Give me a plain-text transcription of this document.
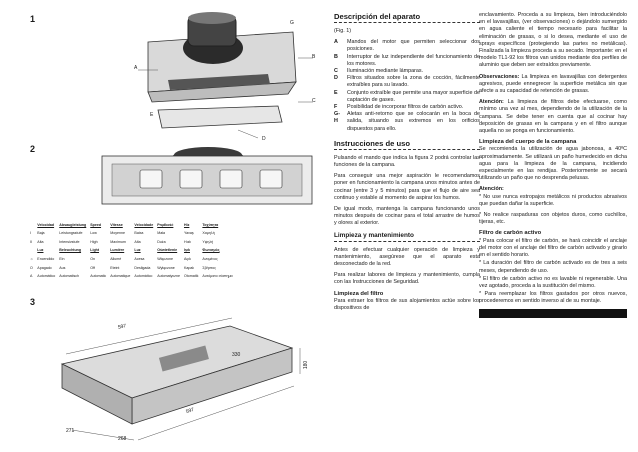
1
2
3
A
B
C
D
E
G
	Velocidad	Absaugleistung	Speed	Vitesse	Velocidade	Prędkość	Hiz	Ταχύτητα
I	Baja	Leistungsstufe	Low	Moyenne	Baixa	Mała	Yavaş	Χαμηλή
II	Alta	Intensivstufe	High	Maximum	Alta	Duża	Hızlı	Υψηλή
	Luz	Beleuchtung	Light	Lumière	Luz	Oświetlenie	Işık	Φωτισμός
☼	Encendido	Ein	On	Allumé	Acesa	Włączone	Açık	Αναμένος
O	Apagado	Aus	Off	Eteint	Desligada	Wyłączone	Kapalı	Σβήστος
A	Automático	Automatisch	Automatic	Automatique	Automático	Automatyczne	Otomatik	Αυτόματο σύστημα
597
597
180
330
271
268
Descripción del aparato

(Fig. 1)

A	Mandos del motor que permiten seleccionar dos posiciones.
B	Interruptor de luz independiente del funcionamiento de los motores.
C	Iluminación mediante lámparas.
D	Filtros situados sobre la zona de cocción, fácilmente extraíbles para su lavado.
E	Conjunto extraíble que permite una mayor superficie de captación de gases.
F	Posibilidad de incorporar filtros de carbón activo.
G-H
Aletas anti-retorno que se colocarán en la boca de salida, situando sus extremos en los orificios dispuestos para ello.
Instrucciones de uso

Pulsando el mando que indica la figura 2 podrá controlar las funciones de la campana.

Para conseguir una mejor aspiración le recomendamos poner en funcionamiento la campana unos minutos antes de cocinar (entre 3 y 5 minutos) para que el flujo de aire sea continuo y estable al momento de aspirar los humos.

De igual modo, mantenga la campana funcionando unos minutos después de cocinar para el total arrastre de humos y olores al exterior.

Limpieza y mantenimiento

Antes de efectuar cualquier operación de limpieza y mantenimiento, asegúrese que el aparato esta desconectado de la red.

Para realizar labores de limpieza y mantenimiento, cumpla con las Instrucciones de Seguridad.

Limpieza del filtro

Para extraer los filtros de sus alojamientos actúe sobre los dispositivos de

enclavamiento. Proceda a su limpieza, bien introduciéndolo en el lavavajillas, (ver observaciones) o dejándolo sumergido en agua caliente el tiempo necesario para facilitar la eliminación de grasas, o si lo desea, mediante el uso de sprays específicos (protegiendo las partes no metálicas). Finalizada la limpieza proceda a su secado. Importante: en el modelo TL1-92 los filtros van unidos mediante dos perfiles de aluminio que deben ser extraídos previamente.

Observaciones: La limpieza en lavavajillas con detergentes agresivos, puede ennegrecer la superficie metálica sin que afecte a su capacidad de retención de grasas.

Atención: La limpieza de filtros debe efectuarse, como mínimo una vez al mes, dependiendo de la utilización de la campana. Se debe tener en cuenta que al cocinar hay deposición de grasas en la campana y en el filtro aunque aquella no se ponga en funcionamiento.

Limpieza del cuerpo de la campana

Se recomienda la utilización de agua jabonosa, a 40ºC aproximadamente. Se utilizará un paño humedecido en dicha agua para la limpieza de la campana, incidiendo especialmente en las rendijas. Posteriormente se secará utilizando un paño que no desprenda pelusas.

Atención:

* No use nunca estropajos metálicos ni productos abrasivos que puedan dañar la superficie.

* No realice raspaduras con objetos duros, como cuchillos, tijeras, etc.

Filtro de carbón activo

* Para colocar el filtro de carbón, se hará coincidir el anclaje del motor con el anclaje del filtro de carbón activado y girarlo en el sentido horario.

* La duración del filtro de carbón activado es de tres a seis meses, dependiendo de uso.

* El filtro de carbón activo no es lavable ni regenerable. Una vez agotado, proceda a la sustitución del mismo.

* Para reemplazar los filtros gastados por otros nuevos, procederemos en sentido inverso al de su montaje.
